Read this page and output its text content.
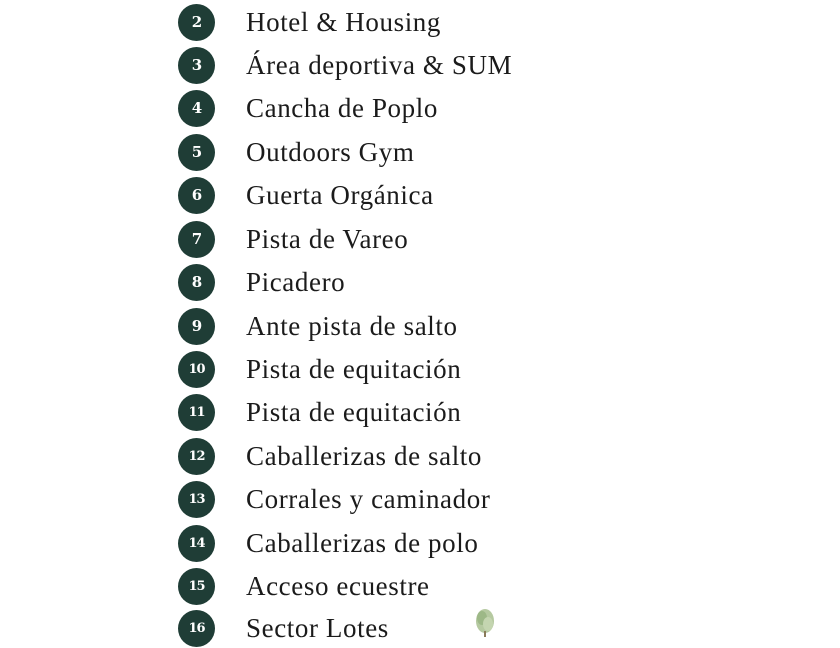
2	Hotel & Housing
3	Área deportiva & SUM
4	Cancha de Poplo
5	Outdoors Gym
6	Guerta Orgánica
7	Pista de Vareo
8	Picadero
9	Ante pista de salto
10	Pista de equitación
11	Pista de equitación
12	Caballerizas de salto
13	Corrales y caminador
14	Caballerizas de polo
15	Acceso ecuestre
16	Sector Lotes
